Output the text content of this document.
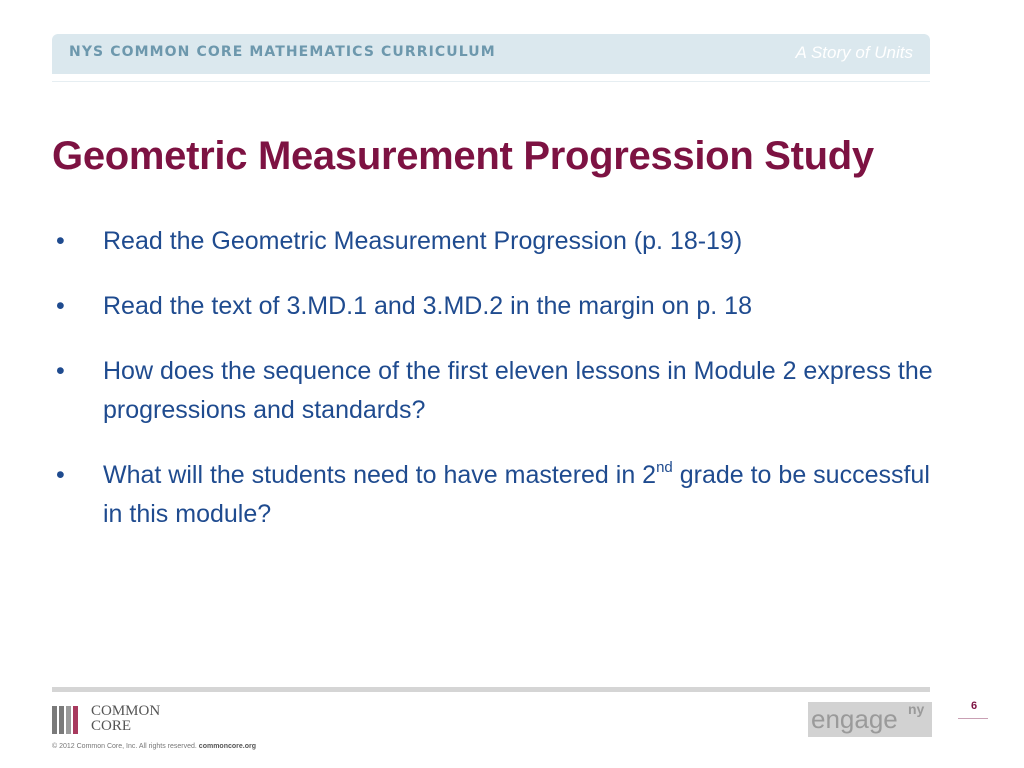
NYS COMMON CORE MATHEMATICS CURRICULUM	A Story of Units
Geometric Measurement Progression Study
• Read the Geometric Measurement Progression (p. 18-19)
• Read the text of 3.MD.1 and 3.MD.2 in the margin on p. 18
• How does the sequence of the first eleven lessons in Module 2 express the progressions and standards?
• What will the students need to have mastered in 2nd grade to be successful in this module?
COMMON
CORE
© 2012 Common Core, Inc. All rights reserved. commoncore.org
engage ny	6
